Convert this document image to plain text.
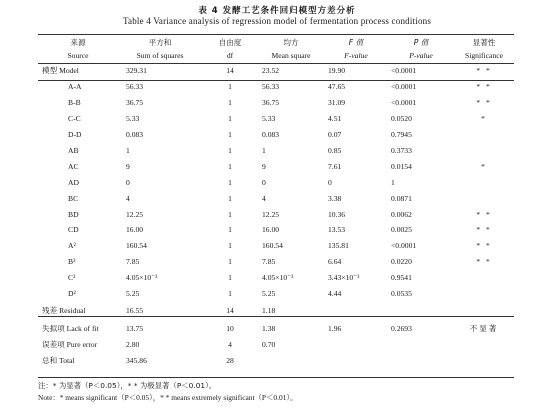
表 4 发酵工艺条件回归模型方差分析
Table 4 Variance analysis of regression model of fermentation process conditions
来源	平方和	自由度	均方	F 值	P 值	显著性
Source	Sum of squares	df	Mean square	F-value	P-value	Significance
模型 Model	329.31	14	23.52	19.90	<0.0001	* *
A-A	56.33	1	56.33	47.65	<0.0001	* *
B-B	36.75	1	36.75	31.09	<0.0001	* *
C-C	5.33	1	5.33	4.51	0.0520	*
D-D	0.083	1	0.083	0.07	0.7945	
AB	1	1	1	0.85	0.3733	
AC	9	1	9	7.61	0.0154	*
AD	0	1	0	0	1	
BC	4	1	4	3.38	0.0871	
BD	12.25	1	12.25	10.36	0.0062	* *
CD	16.00	1	16.00	13.53	0.0025	* *
A²	160.54	1	160.54	135.81	<0.0001	* *
B²	7.85	1	7.85	6.64	0.0220	* *
C²	4.05×10⁻³	1	4.05×10⁻³	3.43×10⁻³	0.9541	
D²	5.25	1	5.25	4.44	0.0535	
残差 Residual	16.55	14	1.18			
失拟项 Lack of fit	13.75	10	1.38	1.96	0.2693	不显著
误差项 Pure error	2.80	4	0.70			
总和 Total	345.86	28				
注：* 为显著（P＜0.05），* * 为极显著（P＜0.01）。
Note：* means significant（P＜0.05），* * means extremely significant（P＜0.01）。
